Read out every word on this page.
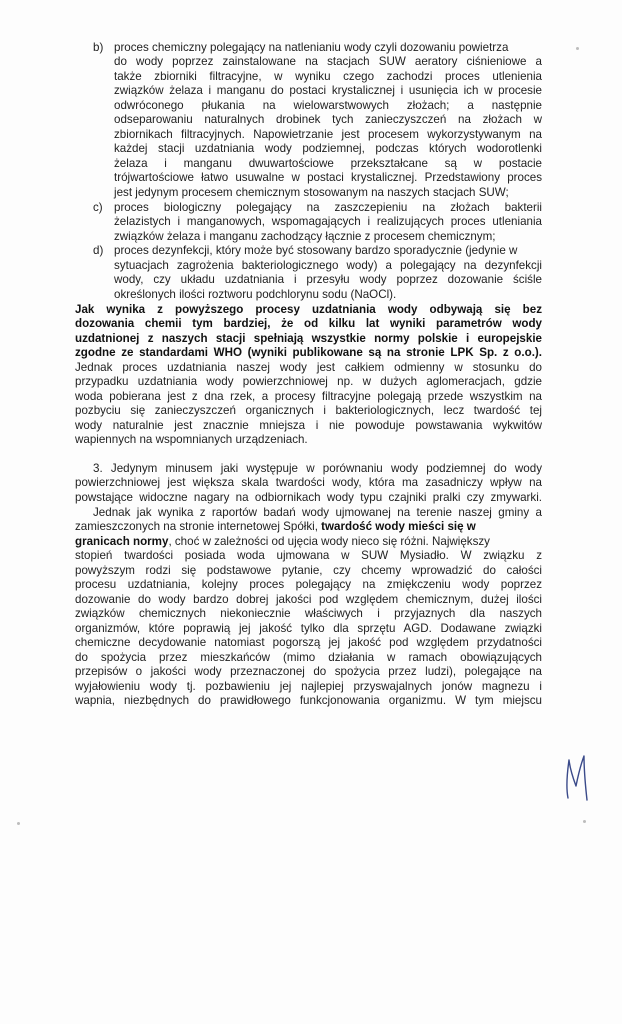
b) proces chemiczny polegający na natlenianiu wody czyli dozowaniu powietrza
do wody poprzez zainstalowane na stacjach SUW aeratory ciśnieniowe a
także zbiorniki filtracyjne, w wyniku czego zachodzi proces utlenienia
związków żelaza i manganu do postaci krystalicznej i usunięcia ich w procesie
odwróconego płukania na wielowarstwowych złożach; a następnie
odseparowaniu naturalnych drobinek tych zanieczyszczeń na złożach w
zbiornikach filtracyjnych. Napowietrzanie jest procesem wykorzystywanym na
każdej stacji uzdatniania wody podziemnej, podczas których wodorotlenki
żelaza i manganu dwuwartościowe przekształcane są w postacie
trójwartościowe łatwo usuwalne w postaci krystalicznej. Przedstawiony proces
jest jedynym procesem chemicznym stosowanym na naszych stacjach SUW;
c) proces biologiczny polegający na zaszczepieniu na złożach bakterii
żelazistych i manganowych, wspomagających i realizujących proces utleniania
związków żelaza i manganu zachodzący łącznie z procesem chemicznym;
d) proces dezynfekcji, który może być stosowany bardzo sporadycznie (jedynie w
sytuacjach zagrożenia bakteriologicznego wody) a polegający na dezynfekcji
wody, czy układu uzdatniania i przesyłu wody poprzez dozowanie ściśle
określonych ilości roztworu podchlorynu sodu (NaOCl).
Jak wynika z powyższego procesy uzdatniania wody odbywają się bez
dozowania chemii tym bardziej, że od kilku lat wyniki parametrów wody
uzdatnionej z naszych stacji spełniają wszystkie normy polskie i europejskie
zgodne ze standardami WHO (wyniki publikowane są na stronie LPK Sp. z o.o.).
Jednak proces uzdatniania naszej wody jest całkiem odmienny w stosunku do
przypadku uzdatniania wody powierzchniowej np. w dużych aglomeracjach, gdzie
woda pobierana jest z dna rzek, a procesy filtracyjne polegają przede wszystkim na
pozbyciu się zanieczyszczeń organicznych i bakteriologicznych, lecz twardość tej
wody naturalnie jest znacznie mniejsza i nie powoduje powstawania wykwitów
wapiennych na wspomnianych urządzeniach.
3. Jedynym minusem jaki występuje w porównaniu wody podziemnej do wody
powierzchniowej jest większa skala twardości wody, która ma zasadniczy wpływ na
powstające widoczne nagary na odbiornikach wody typu czajniki pralki czy zmywarki.
Jednak jak wynika z raportów badań wody ujmowanej na terenie naszej gminy a
zamieszczonych na stronie internetowej Spółki, twardość wody mieści się w
granicach normy, choć w zależności od ujęcia wody nieco się różni. Największy
stopień twardości posiada woda ujmowana w SUW Mysiadło. W związku z
powyższym rodzi się podstawowe pytanie, czy chcemy wprowadzić do całości
procesu uzdatniania, kolejny proces polegający na zmiękczeniu wody poprzez
dozowanie do wody bardzo dobrej jakości pod względem chemicznym, dużej ilości
związków chemicznych niekoniecznie właściwych i przyjaznych dla naszych
organizmów, które poprawią jej jakość tylko dla sprzętu AGD. Dodawane związki
chemiczne decydowanie natomiast pogorszą jej jakość pod względem przydatności
do spożycia przez mieszkańców (mimo działania w ramach obowiązujących
przepisów o jakości wody przeznaczonej do spożycia przez ludzi), polegające na
wyjałowieniu wody tj. pozbawieniu jej najlepiej przyswajalnych jonów magnezu i
wapnia, niezbędnych do prawidłowego funkcjonowania organizmu. W tym miejscu
